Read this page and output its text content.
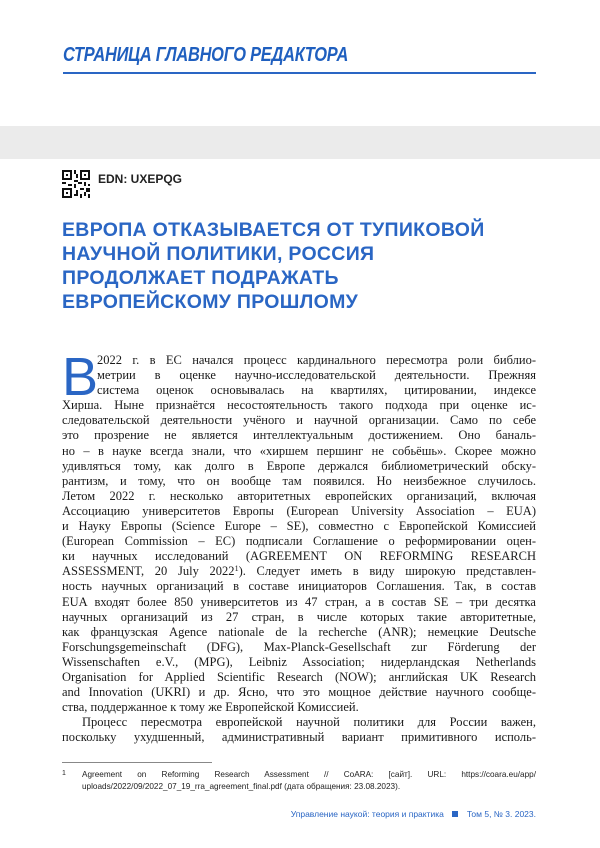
СТРАНИЦА ГЛАВНОГО РЕДАКТОРА
EDN: UXEPQG
ЕВРОПА ОТКАЗЫВАЕТСЯ ОТ ТУПИКОВОЙ
НАУЧНОЙ ПОЛИТИКИ, РОССИЯ
ПРОДОЛЖАЕТ ПОДРАЖАТЬ
ЕВРОПЕЙСКОМУ ПРОШЛОМУ
В
2022 г. в ЕС начался процесс кардинального пересмотра роли библио-
метрии в оценке научно-исследовательской деятельности. Прежняя
система оценок основывалась на квартилях, цитировании, индексе
Хирша. Ныне признаётся несостоятельность такого подхода при оценке ис-
следовательской деятельности учёного и научной организации. Само по себе
это прозрение не является интеллектуальным достижением. Оно баналь-
но – в науке всегда знали, что «хиршем першинг не собьёшь». Скорее можно
удивляться тому, как долго в Европе держался библиометрический обску-
рантизм, и тому, что он вообще там появился. Но неизбежное случилось.
Летом 2022 г. несколько авторитетных европейских организаций, включая
Ассоциацию университетов Европы (European University Association – EUA)
и Науку Европы (Science Europe – SE), совместно с Европейской Комиссией
(European Commission – EC) подписали Соглашение о реформировании оцен-
ки научных исследований (AGREEMENT ON REFORMING RESEARCH
ASSESSMENT, 20 July 2022$^1$). Следует иметь в виду широкую представлен-
ность научных организаций в составе инициаторов Соглашения. Так, в состав
EUA входят более 850 университетов из 47 стран, а в состав SE – три десятка
научных организаций из 27 стран, в числе которых такие авторитетные,
как французская Agence nationale de la recherche (ANR); немецкие Deutsche
Forschungsgemeinschaft (DFG), Max-Planck-Gesellschaft zur Förderung der
Wissenschaften e.V., (MPG), Leibniz Association; нидерландская Netherlands
Organisation for Applied Scientific Research (NOW); английская UK Research
and Innovation (UKRI) и др. Ясно, что это мощное действие научного сообще-
ства, поддержанное к тому же Европейской Комиссией.
Процесс пересмотра европейской научной политики для России важен,
поскольку ухудшенный, административный вариант примитивного исполь-
1	Agreement on Reforming Research Assessment // CoARA: [сайт]. URL: https://coara.eu/app/
uploads/2022/09/2022_07_19_rra_agreement_final.pdf (дата обращения: 23.08.2023).
Управление наукой: теория и практика	Том 5, № 3. 2023.
